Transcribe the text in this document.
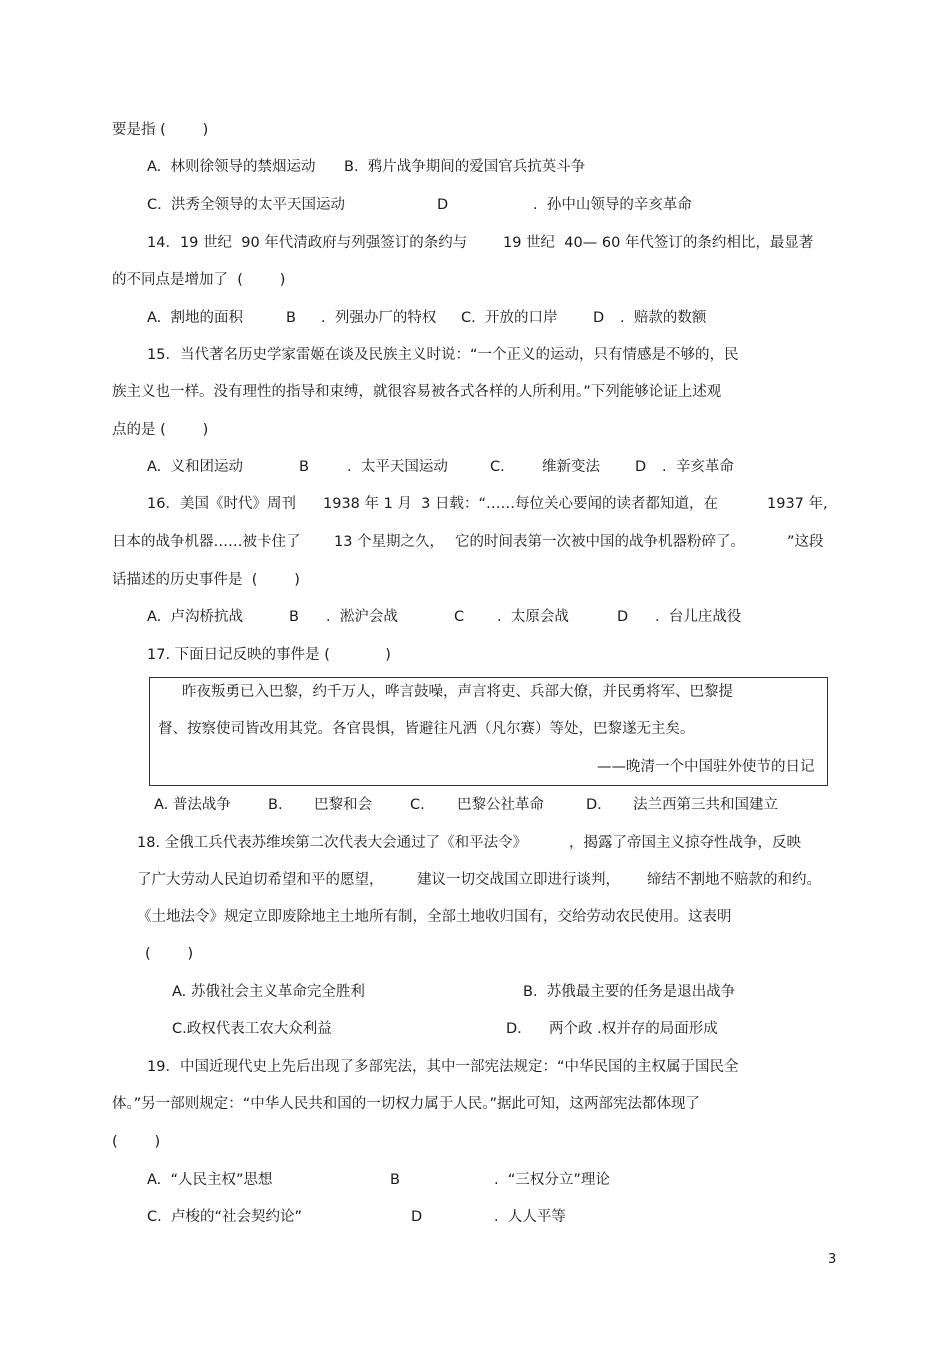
要是指 (        )
A.  林则徐领导的禁烟运动 B.  鸦片战争期间的爱国官兵抗英斗争
C.  洪秀全领导的太平天国运动	D	.  孙中山领导的辛亥革命
14．19 世纪  90 年代清政府与列强签订的条约与 19 世纪  40— 60 年代签订的条约相比，最显著
的不同点是增加了  (        )
A.  割地的面积	B .  列强办厂的特权 C.  开放的口岸 D .  赔款的数额
15．当代著名历史学家雷姬在谈及民族主义时说：“一个正义的运动，只有情感是不够的，民
族主义也一样。没有理性的指导和束缚，就很容易被各式各样的人所利用。”下列能够论证上述观
点的是 (        )
A.  义和团运动	B	.  太平天国运动	C.	维新变法 D .  辛亥革命
16．美国《时代》周刊 1938 年 1 月  3 日载：“……每位关心要闻的读者都知道，在	1937 年,
日本的战争机器……被卡住了 13 个星期之久， 它的时间表第一次被中国的战争机器粉碎了。	”这段
话描述的历史事件是  (        )
A.  卢沟桥抗战	B .  淞沪会战	C .  太原会战	D .  台儿庄战役
17. 下面日记反映的事件是 (            )
昨夜叛勇已入巴黎，约千万人，哗言鼓噪，声言将吏、兵部大僚，并民勇将军、巴黎提
督、按察使司皆改用其党。各官畏惧，皆避往凡洒（凡尔赛）等处，巴黎遂无主矣。
——晚清一个中国驻外使节的日记
A. 普法战争	B. 巴黎和会	C. 巴黎公社革命	D. 法兰西第三共和国建立
18. 全俄工兵代表苏维埃第二次代表大会通过了《和平法令》	，揭露了帝国主义掠夺性战争，反映
了广大劳动人民迫切希望和平的愿望， 建议一切交战国立即进行谈判， 缔结不割地不赔款的和约。
《土地法令》规定立即废除地主土地所有制，全部土地收归国有，交给劳动农民使用。这表明
(        )
A. 苏俄社会主义革命完全胜利	B.  苏俄最主要的任务是退出战争
C.政权代表工农大众利益	D. 两个政 .权并存的局面形成
19．中国近现代史上先后出现了多部宪法，其中一部宪法规定：“中华民国的主权属于国民全
体。”另一部则规定：“中华人民共和国的一切权力属于人民。”据此可知，这两部宪法都体现了
(        )
A.  “人民主权”思想	B	.  “三权分立”理论
C.  卢梭的“社会契约论”	D	.  人人平等
3
